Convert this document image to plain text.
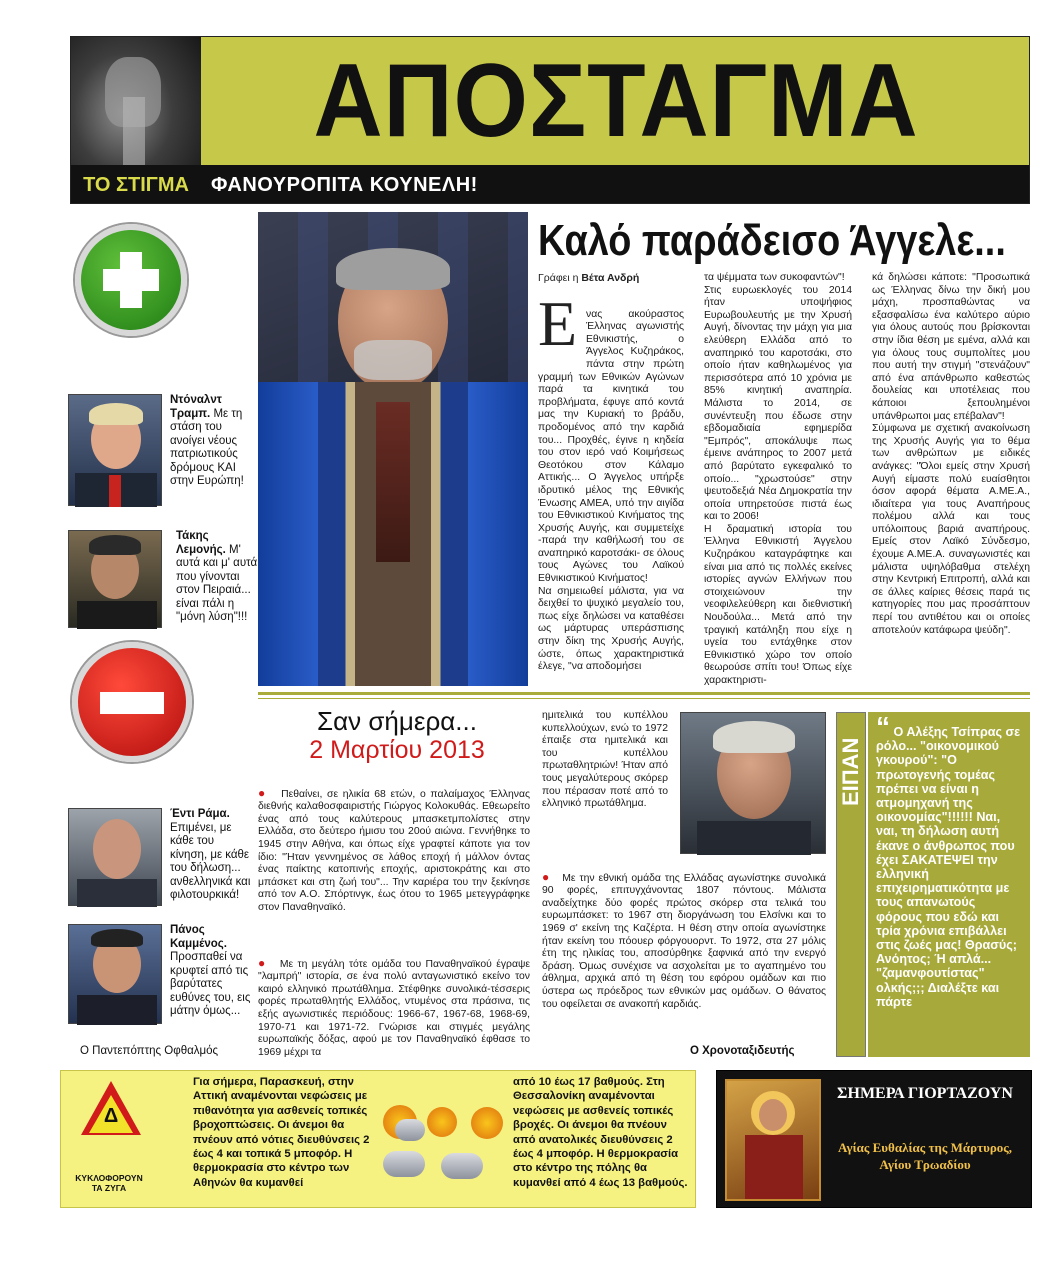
ΑΠΟΣΤΑΓΜΑ
ΤΟ ΣΤΙΓΜΑ	ΦΑΝΟΥΡΟΠΙΤΑ ΚΟΥΝΕΛΗ!
Ντόναλντ Τραμπ. Με τη στάση του ανοίγει νέους πατριωτικούς δρόμους ΚΑΙ στην Ευρώπη!
Τάκης Λεμονής. Μ' αυτά και μ' αυτά που γίνονται στον Πειραιά... είναι πάλι η "μόνη λύση"!!!
Έντι Ράμα. Επιμένει, με κάθε του κίνηση, με κάθε του δήλωση... ανθελληνικά και φιλοτουρκικά!
Πάνος Καμμένος. Προσπαθεί να κρυφτεί από τις βαρύτατες ευθύνες του, εις μάτην όμως...
Ο Παντεπόπτης Οφθαλμός
Καλό παράδεισο Άγγελε...
Γράφει η Βέτα Ανδρή
Ε νας ακούραστος Έλληνας αγωνιστής Εθνικιστής, ο Άγγελος Κυζηράκος, πάντα στην πρώτη γραμμή των Εθνικών Αγώνων παρά τα κινητικά του προβλήματα, έφυγε από κοντά μας την Κυριακή το βράδυ, προδομένος από την καρδιά του... Προχθές, έγινε η κηδεία του στον ιερό ναό Κοιμήσεως Θεοτόκου στον Κάλαμο Αττικής... Ο Άγγελος υπήρξε ιδρυτικό μέλος της Εθνικής Ένωσης ΑΜΕΑ, υπό την αιγίδα του Εθνικιστικού Κινήματος της Χρυσής Αυγής, και συμμετείχε -παρά την καθήλωσή του σε αναπηρικό καροτσάκι- σε όλους τους Αγώνες του Λαϊκού Εθνικιστικού Κινήματος!
Να σημειωθεί μάλιστα, για να δειχθεί το ψυχικό μεγαλείο του, πως είχε δηλώσει να καταθέσει ως μάρτυρας υπεράσπισης στην δίκη της Χρυσής Αυγής, ώστε, όπως χαρακτηριστικά έλεγε, "να αποδομήσει

τα ψέμματα των συκοφαντών"!
Στις ευρωεκλογές του 2014 ήταν υποψήφιος Ευρωβουλευτής με την Χρυσή Αυγή, δίνοντας την μάχη για μια ελεύθερη Ελλάδα από το αναπηρικό του καροτσάκι, στο οποίο ήταν καθηλωμένος για περισσότερα από 10 χρόνια με 85% κινητική αναπηρία. Μάλιστα το 2014, σε συνέντευξη που έδωσε στην εβδομαδιαία εφημερίδα "Εμπρός", αποκάλυψε πως έμεινε ανάπηρος το 2007 μετά από βαρύτατο εγκεφαλικό το οποίο... "χρωστούσε" στην ψευτοδεξιά Νέα Δημοκρατία την οποία υπηρετούσε πιστά έως και το 2006!
Η δραματική ιστορία του Έλληνα Εθνικιστή Άγγελου Κυζηράκου καταγράφτηκε και είναι μια από τις πολλές εκείνες ιστορίες αγνών Ελλήνων που στοιχειώνουν την νεοφιλελεύθερη και διεθνιστική Νουδούλα... Μετά από την τραγική κατάληξη που είχε η υγεία του εντάχθηκε στον Εθνικιστικό χώρο τον οποίο θεωρούσε σπίτι του! Όπως είχε χαρακτηριστι-
κά δηλώσει κάποτε: "Προσωπικά ως Έλληνας δίνω την δική μου μάχη, προσπαθώντας να εξασφαλίσω ένα καλύτερο αύριο για όλους αυτούς που βρίσκονται στην ίδια θέση με εμένα, αλλά και για όλους τους συμπολίτες μου που αυτή την στιγμή "στενάζουν" από ένα απάνθρωπο καθεστώς δουλείας και υποτέλειας που κάποιοι ξεπουλημένοι υπάνθρωποι μας επέβαλαν"!
Σύμφωνα με σχετική ανακοίνωση της Χρυσής Αυγής για το θέμα των ανθρώπων με ειδικές ανάγκες: "Όλοι εμείς στην Χρυσή Αυγή είμαστε πολύ ευαίσθητοι όσον αφορά θέματα Α.ΜΕ.Α., ιδιαίτερα για τους Αναπήρους πολέμου αλλά και τους υπόλοιπους βαριά αναπήρους. Εμείς στον Λαϊκό Σύνδεσμο, έχουμε Α.ΜΕ.Α. συναγωνιστές και μάλιστα υψηλόβαθμα στελέχη στην Κεντρική Επιτροπή, αλλά και σε άλλες καίριες θέσεις παρά τις κατηγορίες που μας προσάπτουν περί του αντιθέτου και οι οποίες αποτελούν κατάφωρα ψεύδη".
Σαν σήμερα...
2 Μαρτίου 2013

● Πεθαίνει, σε ηλικία 68 ετών, ο παλαίμαχος Έλληνας διεθνής καλαθοσφαιριστής Γιώργος Κολοκυθάς. Εθεωρείτο ένας από τους καλύτερους μπασκετμπολίστες στην Ελλάδα, στο δεύτερο ήμισυ του 20ού αιώνα. Γεννήθηκε το 1945 στην Αθήνα, και όπως είχε γραφτεί κάποτε για τον ίδιο: "Ήταν γεννημένος σε λάθος εποχή ή μάλλον όντας ένας παίκτης κατοπινής εποχής, αριστοκράτης και στο μπάσκετ και στη ζωή του"... Την καριέρα του την ξεκίνησε από τον Α.Ο. Σπόρτινγκ, έως ότου το 1965 μετεγγράφηκε στον Παναθηναϊκό.

● Με τη μεγάλη τότε ομάδα του Παναθηναϊκού έγραψε "λαμπρή" ιστορία, σε ένα πολύ ανταγωνιστικό εκείνο τον καιρό ελληνικό πρωτάθλημα. Στέφθηκε συνολικά-τέσσερις φορές πρωταθλητής Ελλάδος, ντυμένος στα πράσινα, τις εξής αγωνιστικές περιόδους: 1966-67, 1967-68, 1968-69, 1970-71 και 1971-72. Γνώρισε και στιγμές μεγάλης ευρωπαϊκής δόξας, αφού με τον Παναθηναϊκό έφθασε το 1969 μέχρι τα

ημιτελικά του κυπέλλου κυπελλούχων, ενώ το 1972 έπαιξε στα ημιτελικά και του κυπέλλου πρωταθλητριών! Ήταν από τους μεγαλύτερους σκόρερ που πέρασαν ποτέ από το ελληνικό πρωτάθλημα.

● Με την εθνική ομάδα της Ελλάδας αγωνίστηκε συνολικά 90 φορές, επιτυγχάνοντας 1807 πόντους. Μάλιστα αναδείχτηκε δύο φορές πρώτος σκόρερ στα τελικά του ευρωμπάσκετ: το 1967 στη διοργάνωση του Ελσίνκι και το 1969 σ' εκείνη της Καζέρτα. Η θέση στην οποία αγωνίστηκε ήταν εκείνη του πόουερ φόργουορντ. Το 1972, στα 27 μόλις έτη της ηλικίας του, αποσύρθηκε ξαφνικά από την ενεργό δράση. Όμως συνέχισε να ασχολείται με το αγαπημένο του άθλημα, αρχικά από τη θέση του εφόρου ομάδων και πιο ύστερα ως πρόεδρος των εθνικών μας ομάδων. Ο θάνατος του οφείλεται σε ανακοπή καρδιάς.

Ο Χρονοταξιδευτής
ΕΙΠΑΝ
“ Ο Αλέξης Τσίπρας σε ρόλο... "οικονομικού γκουρού": "Ο πρωτογενής τομέας πρέπει να είναι η ατμομηχανή της οικονομίας"!!!!!! Ναι, ναι, τη δήλωση αυτή έκανε ο άνθρωπος που έχει ΣΑΚΑΤΕΨΕΙ την ελληνική επιχειρηματικότητα με τους απανωτούς φόρους που εδώ και τρία χρόνια επιβάλλει στις ζωές μας! Θρασύς; Ανόητος; Ή απλά... "ζαμανφουτίστας" ολκής;;; Διαλέξτε και πάρτε
Δ
ΚΥΚΛΟΦΟΡΟΥΝ ΤΑ ΖΥΓΑ
Για σήμερα, Παρασκευή, στην Αττική αναμένονται νεφώσεις με πιθανότητα για ασθενείς τοπικές βροχοπτώσεις. Οι άνεμοι θα πνέουν από νότιες διευθύνσεις 2 έως 4 και τοπικά 5 μποφόρ. Η θερμοκρασία στο κέντρο των Αθηνών θα κυμανθεί
από 10 έως 17 βαθμούς. Στη Θεσσαλονίκη αναμένονται νεφώσεις με ασθενείς τοπικές βροχές. Οι άνεμοι θα πνέουν από ανατολικές διευθύνσεις 2 έως 4 μποφόρ. Η θερμοκρασία στο κέντρο της πόλης θα κυμανθεί από 4 έως 13 βαθμούς.
ΣΗΜΕΡΑ ΓΙΟΡΤΑΖΟΥΝ
Αγίας Ευθαλίας της Μάρτυρος, Αγίου Τρωαδίου
